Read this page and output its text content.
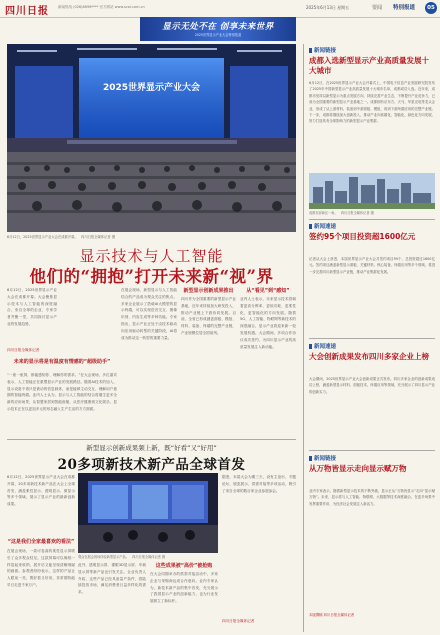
四川日报	新闻热线 (028)8696**** 官方网站 www.scol.com.cn	2025年6月13日 星期五	要闻 特别报道	05
显示无处不在 创享未来世界
2025世界显示产业大会特别报道
2025世界显示产业大会
6月12日，2025世界显示产业大会在成都开幕。　四川日报全媒体记者 摄
显示技术与人工智能
他们的“拥抱”打开未来新“视”界
6月12日，2025世界显示产业大会在成都开幕。大会聚焦显示技术与人工智能的深度融合，来自全球的企业、专家学者齐聚一堂，共同探讨显示产业的发展趋势。
四川日报全媒体记者
未来的显示将是有温度有情感的“超级助手”
“一座一座屏，都能感知你、理解你的需求。”在大会现场，多位嘉宾表示，人工智能正在重塑显示产业的发展路径。随着AI技术的加入，显示设备不再只是被动的信息载体，而是能够主动交互、理解用户意图的智能终端。业内人士认为，显示与人工智能的结合将催生更多全新的应用场景，从智慧家居到智能座舱，从医疗健康到文化娱乐，显示技术正在以更加多元的形态融入生产生活的方方面面。
在展会现场，新型显示与人工智能结合的产品成为观众关注的焦点。多家企业展示了搭载AI大模型的显示终端，可以实现语音交互、图像识别、内容生成等多种功能。专家指出，显示产业正处于由技术驱动向应用驱动转型的关键阶段，AI将成为推动这一转型的重要力量。
新型显示创新成果推出
四川作为全国重要的新型显示产业基地，近年来持续加大研发投入，推动产业链上下游协同发展。目前，全省已形成涵盖面板、模组、材料、装备、终端的完整产业链，产业规模位居全国前列。
从“看见”到“感知”
业内人士表示，未来显示技术将朝着更高分辨率、更低功耗、更柔性化、更智能化的方向发展。随着5G、人工智能、物联网等新技术的深度融合，显示产业将迎来新一轮发展机遇。大会期间，多项合作协议成功签约，为四川显示产业的高质量发展注入新动能。
新型显示创新成果频上新，既“好看”又“好用”
20多项新技术新产品全球首发
6月12日，2025世界显示产业大会在成都开幕，20多项新技术新产品在大会上全球首发，涵盖柔性显示、透明显示、微显示等多个领域，展示了显示产业的最新创新成果。
观众在展会现场体验新型显示产品。　四川日报全媒体记者 摄
“这是我们全家最喜欢的看法”
在展会现场，一款可卷曲的柔性显示屏吸引了众多观众驻足。这款屏幕可以像纸一样卷起来收纳，展开后又能呈现清晰细腻的画面。参观者纷纷表示，这样的产品让人眼前一亮，既好看又好用，非常期待能早日走进千家万户。
此外，透明显示屏、裸眼3D显示屏、车载显示屏等新产品也引发关注。企业负责人介绍，这些产品已经具备量产条件，将陆续投放市场，满足消费者日益多样化的需求。
这些成果被“高价”被抢购
在大会同期举办的供需对接活动中，多家企业与采购商达成合作意向。业内专家认为，新技术新产品的集中首发，充分展示了我国显示产业的创新能力，也为行业发展树立了新标杆。
据悉，本届大会为期三天，设有主论坛、专题论坛、展览展示、供需对接等多项活动，吸引了来自全球的数百家企业参展参会。
四川日报全媒体记者
新闻链接
成都入选新型显示产业高质量发展十大城市
6月12日，在2025世界显示产业大会开幕式上，中国电子信息产业发展研究院发布了2025年中国新型显示产业高质量发展十大城市名单，成都成功入选。近年来，成都市坚持以新型显示为重点发展方向，持续完善产业生态，不断提升产业竞争力，已成为全国重要的新型显示产业基地之一。成都拥有京东方、天马、华星光电等龙头企业，形成了从上游材料、装备到中游面板、模组，再到下游终端应用的完整产业链。下一步，成都将继续加大创新投入，推动产业向高端化、智能化、绿色化方向发展，努力打造具有全球影响力的新型显示产业集群。
成都东部新区一角。　四川日报全媒体记者 摄
新闻速递
签约95个项目投资超1600亿元
记者从大会上获悉，本届世界显示产业大会共签约项目95个，总投资超过1600亿元。签约项目涵盖新型显示面板、关键材料、核心装备、终端应用等多个领域，将进一步完善四川新型显示产业链，推动产业集群化发展。
新闻速递
大会创新成果发布四川多家企业上榜
大会期间，2025世界显示产业大会创新成果正式发布。四川多家企业的创新成果成功上榜，涵盖新型显示材料、面板技术、终端应用等领域，充分展示了四川显示产业的创新实力。
新闻链接
从万物皆显示走向显示赋万物
业内专家表示，随着新型显示技术的不断突破，显示正从“万物皆显示”走向“显示赋万物”。未来，显示将与人工智能、物联网、大数据等技术深度融合，在更多场景中发挥重要作用，为经济社会发展注入新活力。
本版撰稿 四川日报全媒体记者
